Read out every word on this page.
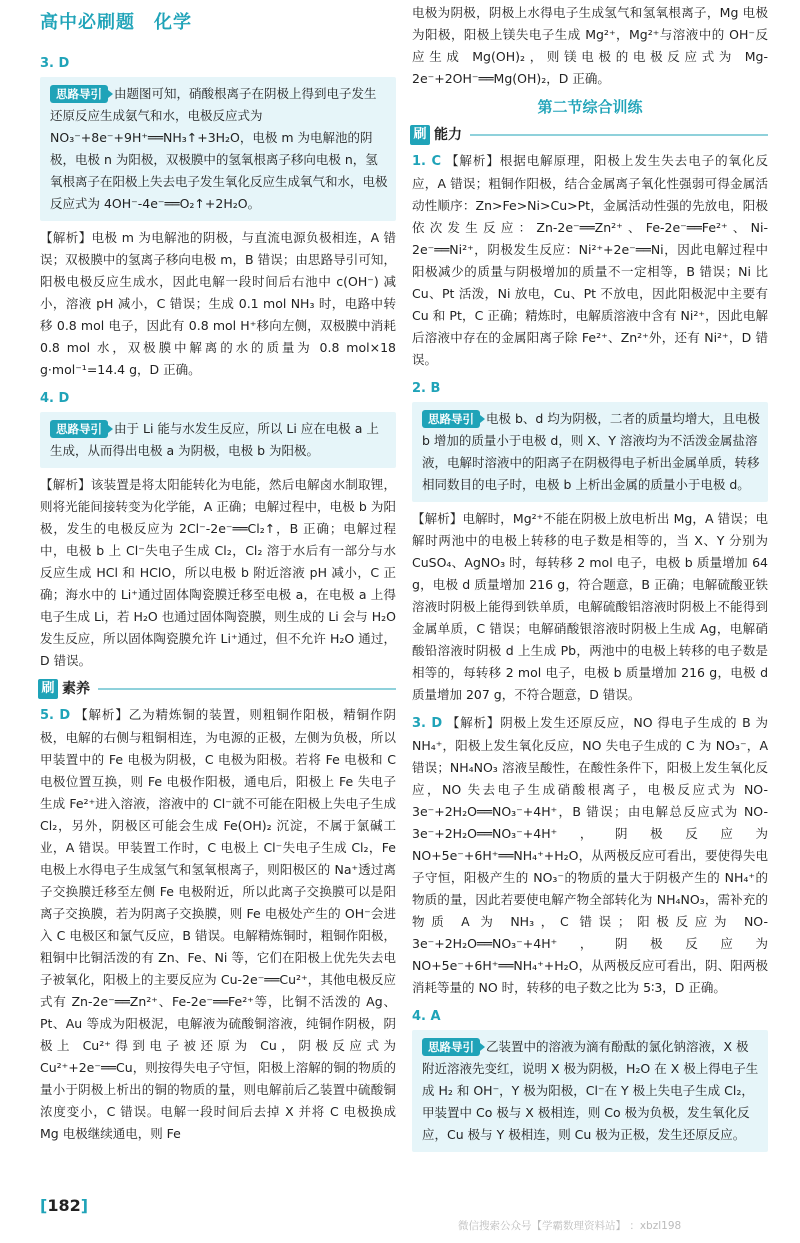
高中必刷题　化学
3. D
思路导引 由题图可知，硝酸根离子在阴极上得到电子发生还原反应生成氨气和水，电极反应式为 NO₃⁻+8e⁻+9H⁺══NH₃↑+3H₂O，电极 m 为电解池的阴极，电极 n 为阳极，双极膜中的氢氧根离子移向电极 n，氢氧根离子在阳极上失去电子发生氧化反应生成氧气和水，电极反应式为 4OH⁻-4e⁻══O₂↑+2H₂O。
【解析】电极 m 为电解池的阴极，与直流电源负极相连，A 错误；双极膜中的氢离子移向电极 m，B 错误；由思路导引可知，阳极电极反应生成水，因此电解一段时间后右池中 c(OH⁻) 减小，溶液 pH 减小，C 错误；生成 0.1 mol NH₃ 时，电路中转移 0.8 mol 电子，因此有 0.8 mol H⁺移向左侧，双极膜中消耗 0.8 mol 水，双极膜中解离的水的质量为 0.8 mol×18 g·mol⁻¹=14.4 g，D 正确。
4. D
思路导引 由于 Li 能与水发生反应，所以 Li 应在电极 a 上生成，从而得出电极 a 为阴极，电极 b 为阳极。
【解析】该装置是将太阳能转化为电能，然后电解卤水制取锂，则将光能间接转变为化学能，A 正确；电解过程中，电极 b 为阳极，发生的电极反应为 2Cl⁻-2e⁻══Cl₂↑，B 正确；电解过程中，电极 b 上 Cl⁻失电子生成 Cl₂，Cl₂ 溶于水后有一部分与水反应生成 HCl 和 HClO，所以电极 b 附近溶液 pH 减小，C 正确；海水中的 Li⁺通过固体陶瓷膜迁移至电极 a，在电极 a 上得电子生成 Li，若 H₂O 也通过固体陶瓷膜，则生成的 Li 会与 H₂O 发生反应，所以固体陶瓷膜允许 Li⁺通过，但不允许 H₂O 通过，D 错误。
刷 素养
5. D 【解析】乙为精炼铜的装置，则粗铜作阳极，精铜作阴极，电解的右侧与粗铜相连，为电源的正极，左侧为负极，所以甲装置中的 Fe 电极为阴极，C 电极为阳极。若将 Fe 电极和 C 电极位置互换，则 Fe 电极作阳极，通电后，阳极上 Fe 失电子生成 Fe²⁺进入溶液，溶液中的 Cl⁻就不可能在阳极上失电子生成 Cl₂，另外，阴极区可能会生成 Fe(OH)₂ 沉淀，不属于氯碱工业，A 错误。甲装置工作时，C 电极上 Cl⁻失电子生成 Cl₂，Fe 电极上水得电子生成氢气和氢氧根离子，则阳极区的 Na⁺透过离子交换膜迁移至左侧 Fe 电极附近，所以此离子交换膜可以是阳离子交换膜，若为阴离子交换膜，则 Fe 电极处产生的 OH⁻会进入 C 电极区和氯气反应，B 错误。电解精炼铜时，粗铜作阳极，粗铜中比铜活泼的有 Zn、Fe、Ni 等，它们在阳极上优先失去电子被氧化，阳极上的主要反应为 Cu-2e⁻══Cu²⁺，其他电极反应式有 Zn-2e⁻══Zn²⁺、Fe-2e⁻══Fe²⁺等，比铜不活泼的 Ag、Pt、Au 等成为阳极泥，电解液为硫酸铜溶液，纯铜作阴极，阴极上 Cu²⁺得到电子被还原为 Cu，阴极反应式为 Cu²⁺+2e⁻══Cu，则按得失电子守恒，阳极上溶解的铜的物质的量小于阴极上析出的铜的物质的量，则电解前后乙装置中硫酸铜浓度变小，C 错误。电解一段时间后去掉 X 并将 C 电极换成 Mg 电极继续通电，则 Fe
电极为阴极，阴极上水得电子生成氢气和氢氧根离子，Mg 电极为阳极，阳极上镁失电子生成 Mg²⁺，Mg²⁺与溶液中的 OH⁻反应生成 Mg(OH)₂，则镁电极的电极反应式为 Mg-2e⁻+2OH⁻══Mg(OH)₂，D 正确。
第二节综合训练
刷 能力
1. C 【解析】根据电解原理，阳极上发生失去电子的氧化反应，A 错误；粗铜作阳极，结合金属离子氧化性强弱可得金属活动性顺序：Zn>Fe>Ni>Cu>Pt，金属活动性强的先放电，阳极依次发生反应：Zn-2e⁻══Zn²⁺、Fe-2e⁻══Fe²⁺、Ni-2e⁻══Ni²⁺，阴极发生反应：Ni²⁺+2e⁻══Ni，因此电解过程中阳极减少的质量与阴极增加的质量不一定相等，B 错误；Ni 比 Cu、Pt 活泼，Ni 放电，Cu、Pt 不放电，因此阳极泥中主要有 Cu 和 Pt，C 正确；精炼时，电解质溶液中含有 Ni²⁺，因此电解后溶液中存在的金属阳离子除 Fe²⁺、Zn²⁺外，还有 Ni²⁺，D 错误。
2. B
思路导引 电极 b、d 均为阴极，二者的质量均增大，且电极 b 增加的质量小于电极 d，则 X、Y 溶液均为不活泼金属盐溶液，电解时溶液中的阳离子在阴极得电子析出金属单质，转移相同数目的电子时，电极 b 上析出金属的质量小于电极 d。
【解析】电解时，Mg²⁺不能在阴极上放电析出 Mg，A 错误；电解时两池中的电极上转移的电子数是相等的，当 X、Y 分别为 CuSO₄、AgNO₃ 时，每转移 2 mol 电子，电极 b 质量增加 64 g，电极 d 质量增加 216 g，符合题意，B 正确；电解硫酸亚铁溶液时阴极上能得到铁单质，电解硫酸铝溶液时阴极上不能得到金属单质，C 错误；电解硝酸银溶液时阴极上生成 Ag，电解硝酸铅溶液时阴极 d 上生成 Pb，两池中的电极上转移的电子数是相等的，每转移 2 mol 电子，电极 b 质量增加 216 g，电极 d 质量增加 207 g，不符合题意，D 错误。
3. D 【解析】阴极上发生还原反应，NO 得电子生成的 B 为 NH₄⁺，阳极上发生氧化反应，NO 失电子生成的 C 为 NO₃⁻，A 错误；NH₄NO₃ 溶液呈酸性，在酸性条件下，阳极上发生氧化反应，NO 失去电子生成硝酸根离子，电极反应式为 NO-3e⁻+2H₂O══NO₃⁻+4H⁺，B 错误；由电解总反应式为 NO-3e⁻+2H₂O══NO₃⁻+4H⁺，阴极反应为 NO+5e⁻+6H⁺══NH₄⁺+H₂O，从两极反应可看出，要使得失电子守恒，阳极产生的 NO₃⁻的物质的量大于阴极产生的 NH₄⁺的物质的量，因此若要使电解产物全部转化为 NH₄NO₃，需补充的物质 A 为 NH₃，C 错误；阳极反应为 NO-3e⁻+2H₂O══NO₃⁻+4H⁺，阴极反应为 NO+5e⁻+6H⁺══NH₄⁺+H₂O，从两极反应可看出，阴、阳两极消耗等量的 NO 时，转移的电子数之比为 5∶3，D 正确。
4. A
思路导引 乙装置中的溶液为滴有酚酞的氯化钠溶液，X 极附近溶液先变红，说明 X 极为阴极，H₂O 在 X 极上得电子生成 H₂ 和 OH⁻，Y 极为阳极，Cl⁻在 Y 极上失电子生成 Cl₂，甲装置中 Co 极与 X 极相连，则 Co 极为负极，发生氧化反应，Cu 极与 Y 极相连，则 Cu 极为正极，发生还原反应。
[182]
微信搜索公众号【学霸数理资料站】 ：xbzl198
